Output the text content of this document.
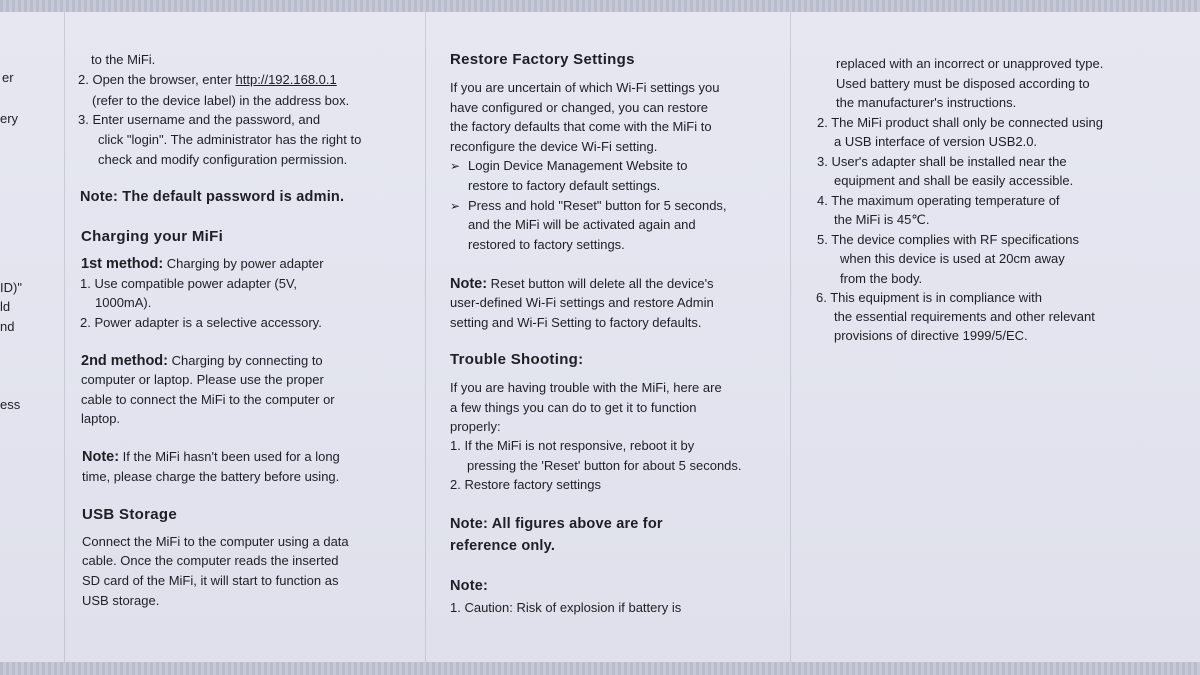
er
ery
ID)"
ld
nd
ess
to the MiFi.
2. Open the browser, enter http://192.168.0.1
(refer to the device label) in the address box.
3. Enter username and the password, and
click "login". The administrator has the right to
check and modify configuration permission.
Note: The default password is admin.
Charging your MiFi
1st method: Charging by power adapter
1. Use compatible power adapter (5V,
1000mA).
2. Power adapter is a selective accessory.
2nd method: Charging by connecting to
computer or laptop. Please use the proper
cable to connect the MiFi to the computer or
laptop.
Note: If the MiFi hasn't been used for a long
time, please charge the battery before using.
USB Storage
Connect the MiFi to the computer using a data
cable. Once the computer reads the inserted
SD card of the MiFi, it will start to function as
USB storage.
Restore Factory Settings
If you are uncertain of which Wi-Fi settings you
have configured or changed, you can restore
the factory defaults that come with the MiFi to
reconfigure the device Wi-Fi setting.
➢ Login Device Management Website to
restore to factory default settings.
➢ Press and hold "Reset" button for 5 seconds,
and the MiFi will be activated again and
restored to factory settings.
Note: Reset button will delete all the device's
user-defined Wi-Fi settings and restore Admin
setting and Wi-Fi Setting to factory defaults.
Trouble Shooting:
If you are having trouble with the MiFi, here are
a few things you can do to get it to function
properly:
1. If the MiFi is not responsive, reboot it by
pressing the 'Reset' button for about 5 seconds.
2. Restore factory settings
Note: All figures above are for
reference only.
Note:
1. Caution: Risk of explosion if battery is
replaced with an incorrect or unapproved type.
Used battery must be disposed according to
the manufacturer's instructions.
2. The MiFi product shall only be connected using
a USB interface of version USB2.0.
3. User's adapter shall be installed near the
equipment and shall be easily accessible.
4. The maximum operating temperature of
the MiFi is 45℃.
5. The device complies with RF specifications
when this device is used at 20cm away
from the body.
6. This equipment is in compliance with
the essential requirements and other relevant
provisions of directive 1999/5/EC.
